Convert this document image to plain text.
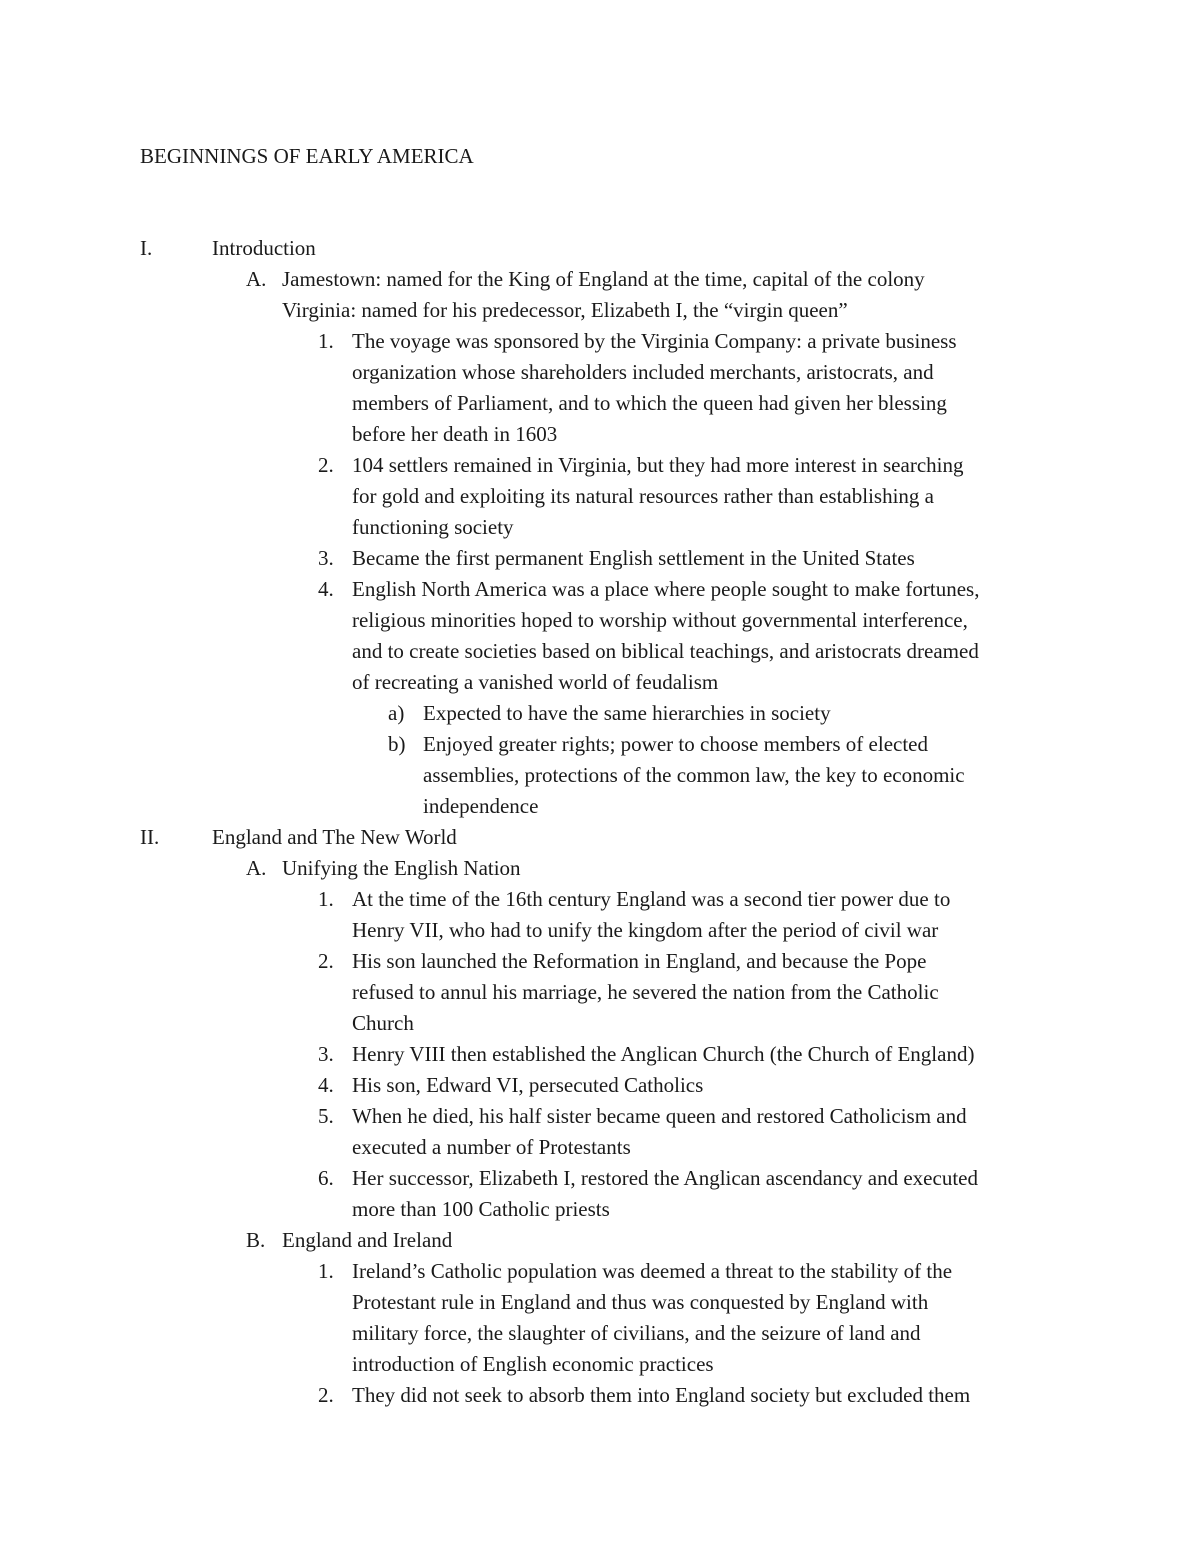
BEGINNINGS OF EARLY AMERICA
I.	Introduction
A. Jamestown: named for the King of England at the time, capital of the colony
Virginia: named for his predecessor, Elizabeth I, the “virgin queen”
1. The voyage was sponsored by the Virginia Company: a private business
organization whose shareholders included merchants, aristocrats, and
members of Parliament, and to which the queen had given her blessing
before her death in 1603
2. 104 settlers remained in Virginia, but they had more interest in searching
for gold and exploiting its natural resources rather than establishing a
functioning society
3. Became the first permanent English settlement in the United States
4. English North America was a place where people sought to make fortunes,
religious minorities hoped to worship without governmental interference,
and to create societies based on biblical teachings, and aristocrats dreamed
of recreating a vanished world of feudalism
a) Expected to have the same hierarchies in society
b) Enjoyed greater rights; power to choose members of elected
assemblies, protections of the common law, the key to economic
independence
II.	England and The New World
A. Unifying the English Nation
1. At the time of the 16th century England was a second tier power due to
Henry VII, who had to unify the kingdom after the period of civil war
2. His son launched the Reformation in England, and because the Pope
refused to annul his marriage, he severed the nation from the Catholic
Church
3. Henry VIII then established the Anglican Church (the Church of England)
4. His son, Edward VI, persecuted Catholics
5. When he died, his half sister became queen and restored Catholicism and
executed a number of Protestants
6. Her successor, Elizabeth I, restored the Anglican ascendancy and executed
more than 100 Catholic priests
B. England and Ireland
1. Ireland’s Catholic population was deemed a threat to the stability of the
Protestant rule in England and thus was conquested by England with
military force, the slaughter of civilians, and the seizure of land and
introduction of English economic practices
2. They did not seek to absorb them into England society but excluded them
